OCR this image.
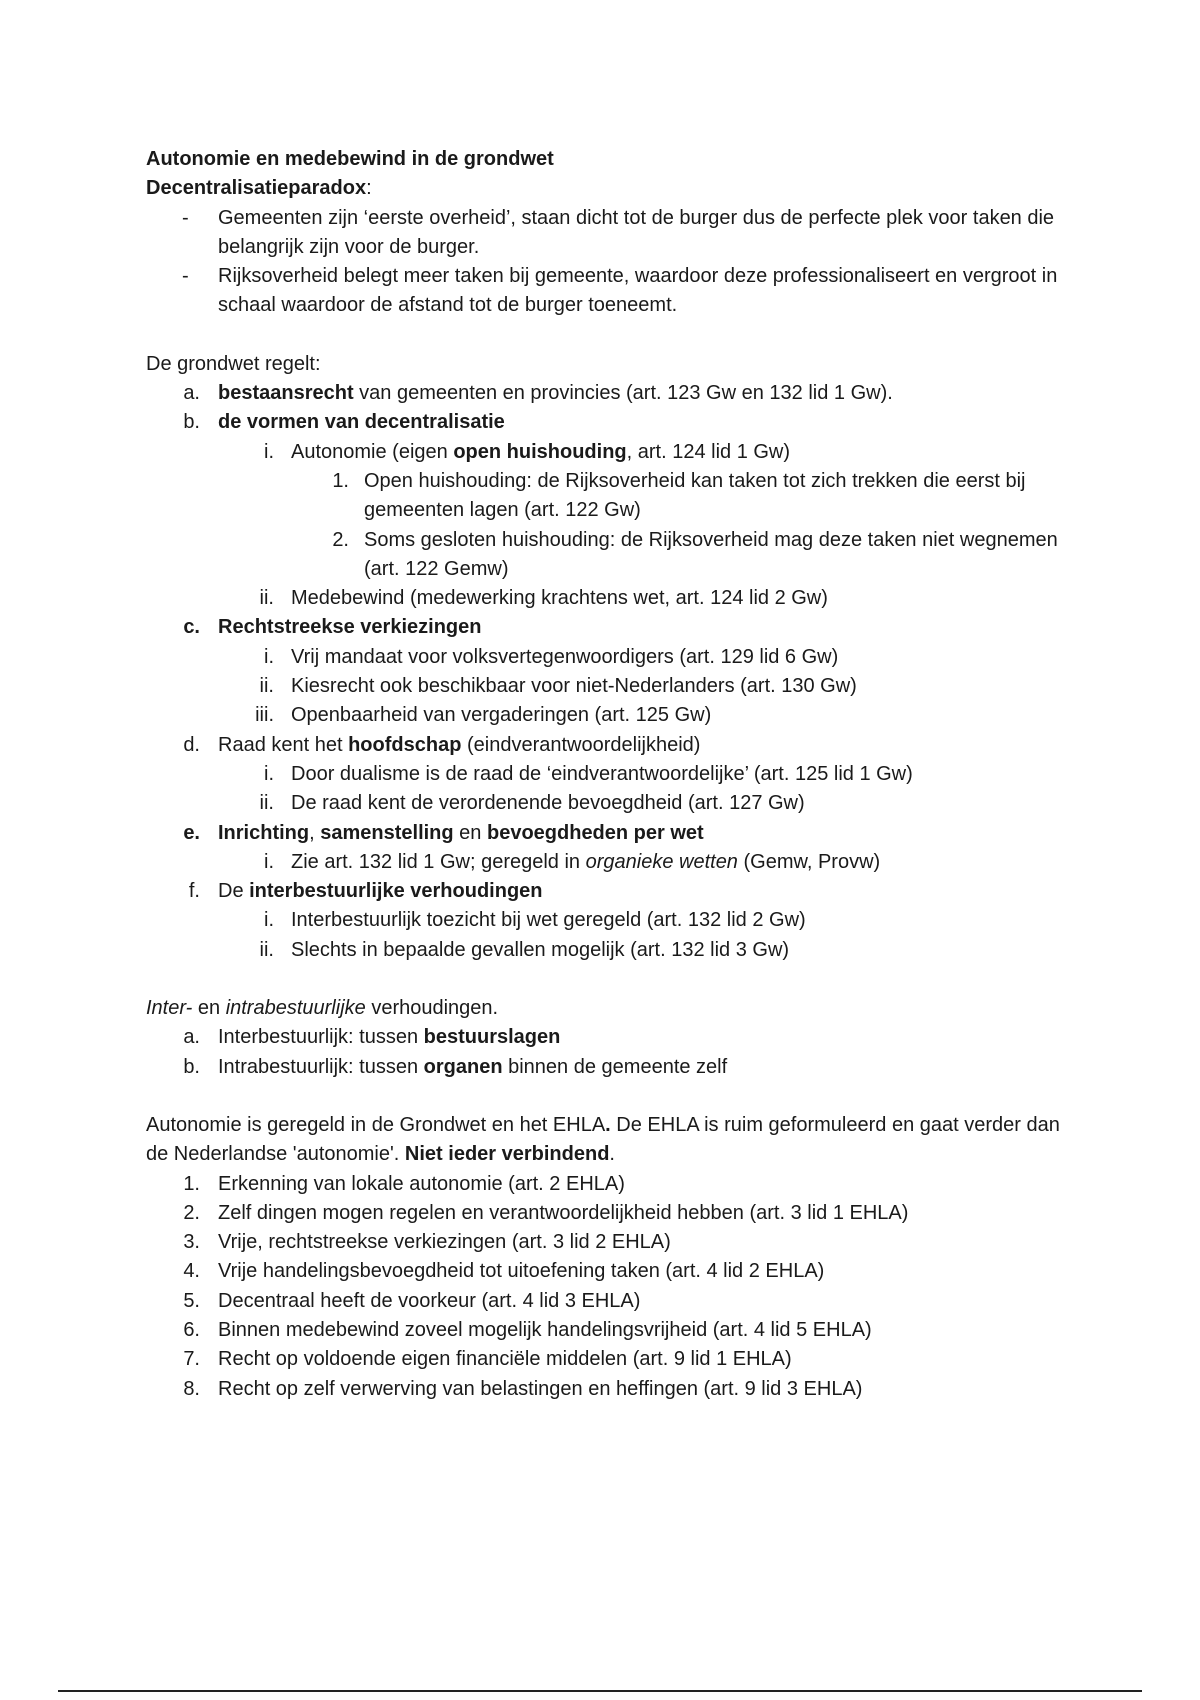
Autonomie en medebewind in de grondwet

Decentralisatieparadox:

- Gemeenten zijn ‘eerste overheid’, staan dicht tot de burger dus de perfecte plek voor taken die belangrijk zijn voor de burger.
- Rijksoverheid belegt meer taken bij gemeente, waardoor deze professionaliseert en vergroot in schaal waardoor de afstand tot de burger toeneemt.

De grondwet regelt:

a. bestaansrecht van gemeenten en provincies (art. 123 Gw en 132 lid 1 Gw).
b. de vormen van decentralisatie
i. Autonomie (eigen open huishouding, art. 124 lid 1 Gw)
1. Open huishouding: de Rijksoverheid kan taken tot zich trekken die eerst bij gemeenten lagen (art. 122 Gw)
2. Soms gesloten huishouding: de Rijksoverheid mag deze taken niet wegnemen (art. 122 Gemw)
ii. Medebewind (medewerking krachtens wet, art. 124 lid 2 Gw)
c. Rechtstreekse verkiezingen
i. Vrij mandaat voor volksvertegenwoordigers (art. 129 lid 6 Gw)
ii. Kiesrecht ook beschikbaar voor niet-Nederlanders (art. 130 Gw)
iii. Openbaarheid van vergaderingen (art. 125 Gw)
d. Raad kent het hoofdschap (eindverantwoordelijkheid)
i. Door dualisme is de raad de ‘eindverantwoordelijke’ (art. 125 lid 1 Gw)
ii. De raad kent de verordenende bevoegdheid (art. 127 Gw)
e. Inrichting, samenstelling en bevoegdheden per wet
i. Zie art. 132 lid 1 Gw; geregeld in organieke wetten (Gemw, Provw)
f. De interbestuurlijke verhoudingen
i. Interbestuurlijk toezicht bij wet geregeld (art. 132 lid 2 Gw)
ii. Slechts in bepaalde gevallen mogelijk (art. 132 lid 3 Gw)

Inter- en intrabestuurlijke verhoudingen.

a. Interbestuurlijk: tussen bestuurslagen
b. Intrabestuurlijk: tussen organen binnen de gemeente zelf

Autonomie is geregeld in de Grondwet en het EHLA. De EHLA is ruim geformuleerd en gaat verder dan de Nederlandse 'autonomie'. Niet ieder verbindend.

1. Erkenning van lokale autonomie (art. 2 EHLA)
2. Zelf dingen mogen regelen en verantwoordelijkheid hebben (art. 3 lid 1 EHLA)
3. Vrije, rechtstreekse verkiezingen (art. 3 lid 2 EHLA)
4. Vrije handelingsbevoegdheid tot uitoefening taken (art. 4 lid 2 EHLA)
5. Decentraal heeft de voorkeur (art. 4 lid 3 EHLA)
6. Binnen medebewind zoveel mogelijk handelingsvrijheid (art. 4 lid 5 EHLA)
7. Recht op voldoende eigen financiële middelen (art. 9 lid 1 EHLA)
8. Recht op zelf verwerving van belastingen en heffingen (art. 9 lid 3 EHLA)
